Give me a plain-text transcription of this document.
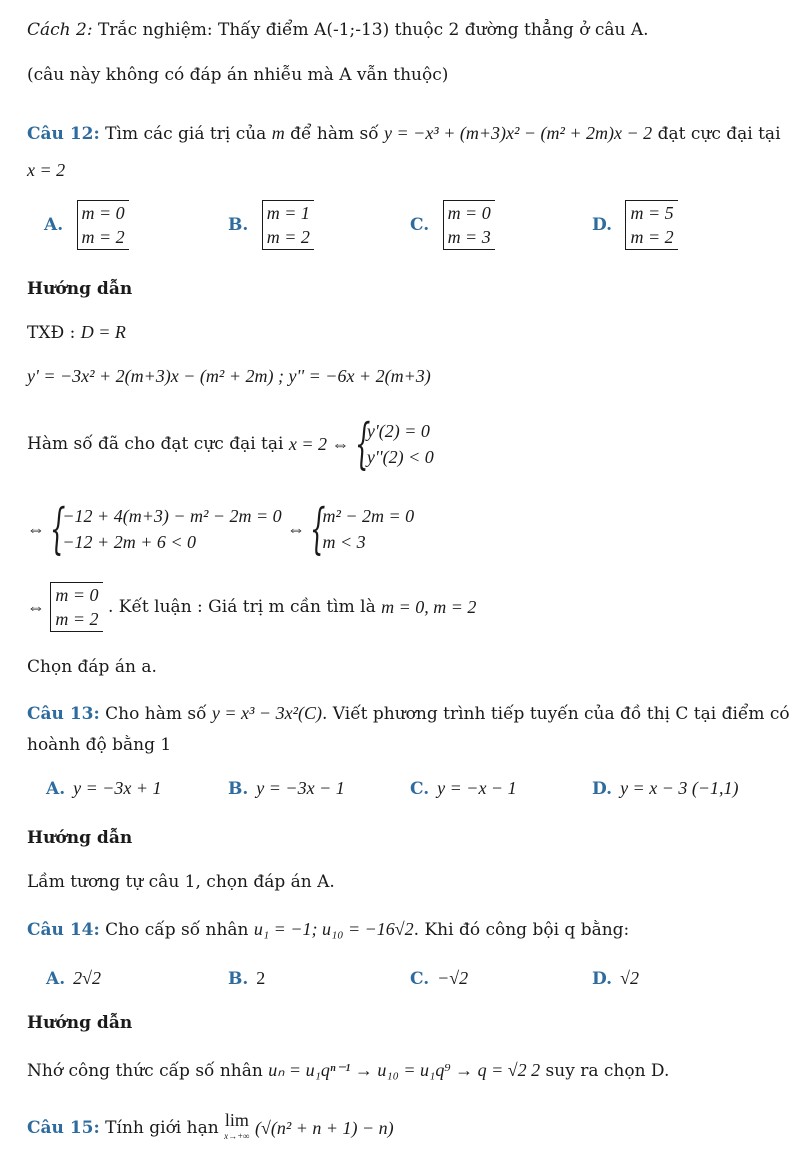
Cách 2: Trắc nghiệm: Thấy điểm A(-1;-13) thuộc 2 đường thẳng ở câu A.
(câu này không có đáp án nhiễu mà A vẫn thuộc)
Câu 12: Tìm các giá trị của m để hàm số y = −x³ + (m+3)x² − (m² + 2m)x − 2 đạt cực đại tại
x = 2
A.
m = 0
m = 2
B.
m = 1
m = 2
C.
m = 0
m = 3
D.
m = 5
m = 2
Hướng dẫn
TXĐ : D = R
y' = −3x² + 2(m+3)x − (m² + 2m) ; y'' = −6x + 2(m+3)
Hàm số đã cho đạt cực đại tại x = 2 ⇔ {
y'(2) = 0
y''(2) < 0
⇔ {
−12 + 4(m+3) − m² − 2m = 0
−12 + 2m + 6 < 0
⇔ {
m² − 2m = 0
m < 3
⇔
m = 0
m = 2
. Kết luận : Giá trị m cần tìm là m = 0, m = 2
Chọn đáp án a.
Câu 13: Cho hàm số y = x³ − 3x²(C). Viết phương trình tiếp tuyến của đồ thị C tại điểm có
hoành độ bằng 1
A. y = −3x + 1	B. y = −3x − 1	C. y = −x − 1	D. y = x − 3 (−1,1)
Hướng dẫn
Lầm tương tự câu 1, chọn đáp án A.
Câu 14: Cho cấp số nhân u₁ = −1; u₁₀ = −16√2. Khi đó công bội q bằng:
A. 2√2	B. 2	C. −√2	D. √2
Hướng dẫn
Nhớ công thức cấp số nhân uₙ = u₁qⁿ⁻¹ → u₁₀ = u₁q⁹ → q = √2 2 suy ra chọn D.
Câu 15: Tính giới hạn lim
x→+∞ (√(n² + n + 1) − n)
